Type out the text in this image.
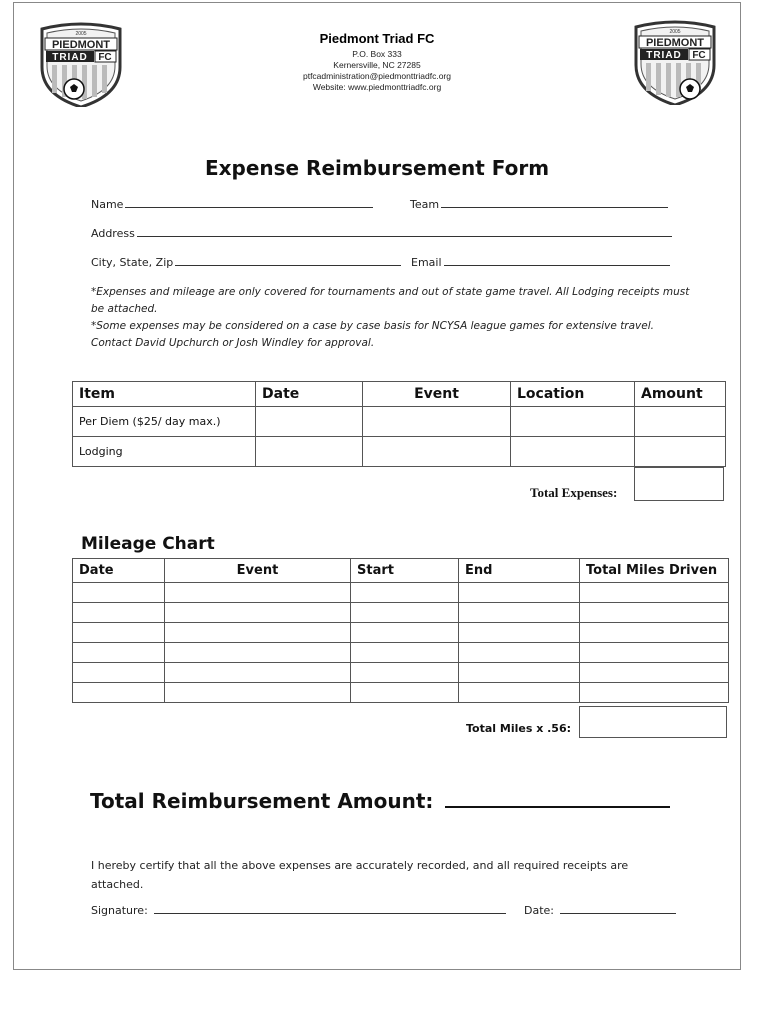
PIEDMONT
TRIAD FC
2005
PIEDMONT
TRIAD FC
2005
Piedmont Triad FC
P.O. Box 333
Kernersville, NC 27285
ptfcadministration@piedmonttriadfc.org
Website: www.piedmonttriadfc.org
Expense Reimbursement Form
Name	Team
Address
City, State, Zip	Email
*Expenses and mileage are only covered for tournaments and out of state game travel. All Lodging receipts must be attached.
*Some expenses may be considered on a case by case basis for NCYSA league games for extensive travel. Contact David Upchurch or Josh Windley for approval.
Item	Date	Event	Location	Amount
Per Diem ($25/ day max.)				
Lodging				
Total Expenses:
Mileage Chart
Date	Event	Start	End	Total Miles Driven

Total Miles x .56:
Total Reimbursement Amount:
I hereby certify that all the above expenses are accurately recorded, and all required receipts are attached.
Signature:	Date:
